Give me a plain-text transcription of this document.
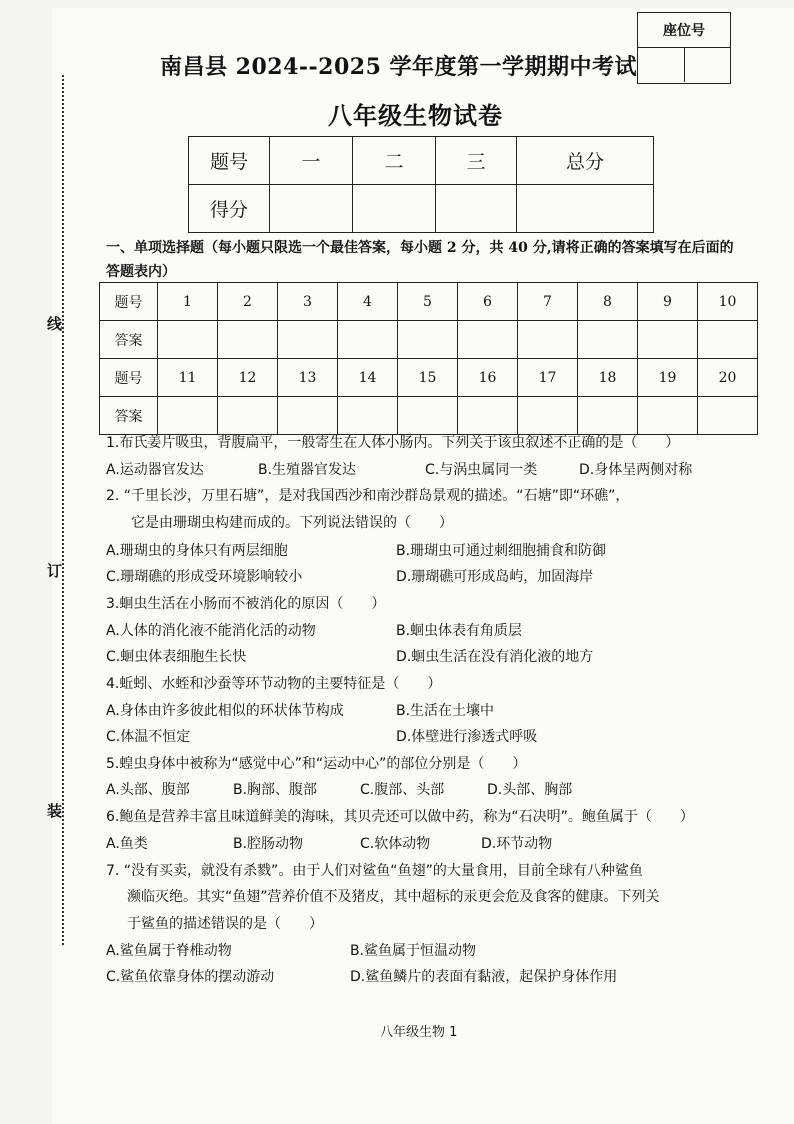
线
订
装
座位号
南昌县 2024--2025 学年度第一学期期中考试
八年级生物试卷
题号	一	二	三	总分
得分				
一、单项选择题（每小题只限选一个最佳答案，每小题 2 分，共 40 分,请将正确的答案填写在后面的答题表内）
题号	1	2	3	4	5	6	7	8	9	10
答案										
题号	11	12	13	14	15	16	17	18	19	20
答案										
1.布氏姜片吸虫，背腹扁平，一般寄生在人体小肠内。下列关于该虫叙述不正确的是（　　）
A.运动器官发达	B.生殖器官发达	C.与涡虫属同一类	D.身体呈两侧对称
2. “千里长沙，万里石塘”，是对我国西沙和南沙群岛景观的描述。“石塘”即“环礁”，
它是由珊瑚虫构建而成的。下列说法错误的（　　）
A.珊瑚虫的身体只有两层细胞	B.珊瑚虫可通过刺细胞捕食和防御
C.珊瑚礁的形成受环境影响较小	D.珊瑚礁可形成岛屿，加固海岸
3.蛔虫生活在小肠而不被消化的原因（　　）
A.人体的消化液不能消化活的动物	B.蛔虫体表有角质层
C.蛔虫体表细胞生长快	D.蛔虫生活在没有消化液的地方
4.蚯蚓、水蛭和沙蚕等环节动物的主要特征是（　　）
A.身体由许多彼此相似的环状体节构成	B.生活在土壤中
C.体温不恒定	D.体壁进行渗透式呼吸
5.蝗虫身体中被称为“感觉中心”和“运动中心”的部位分别是（　　）
A.头部、腹部	B.胸部、腹部	C.腹部、头部	D.头部、胸部
6.鲍鱼是营养丰富且味道鲜美的海味，其贝壳还可以做中药，称为“石决明”。鲍鱼属于（　　）
A.鱼类	B.腔肠动物	C.软体动物	D.环节动物
7. “没有买卖，就没有杀戮”。由于人们对鲨鱼“鱼翅”的大量食用，目前全球有八种鲨鱼
濒临灭绝。其实“鱼翅”营养价值不及猪皮，其中超标的汞更会危及食客的健康。下列关
于鲨鱼的描述错误的是（　　）
A.鲨鱼属于脊椎动物	B.鲨鱼属于恒温动物
C.鲨鱼依靠身体的摆动游动	D.鲨鱼鳞片的表面有黏液，起保护身体作用
八年级生物 1
